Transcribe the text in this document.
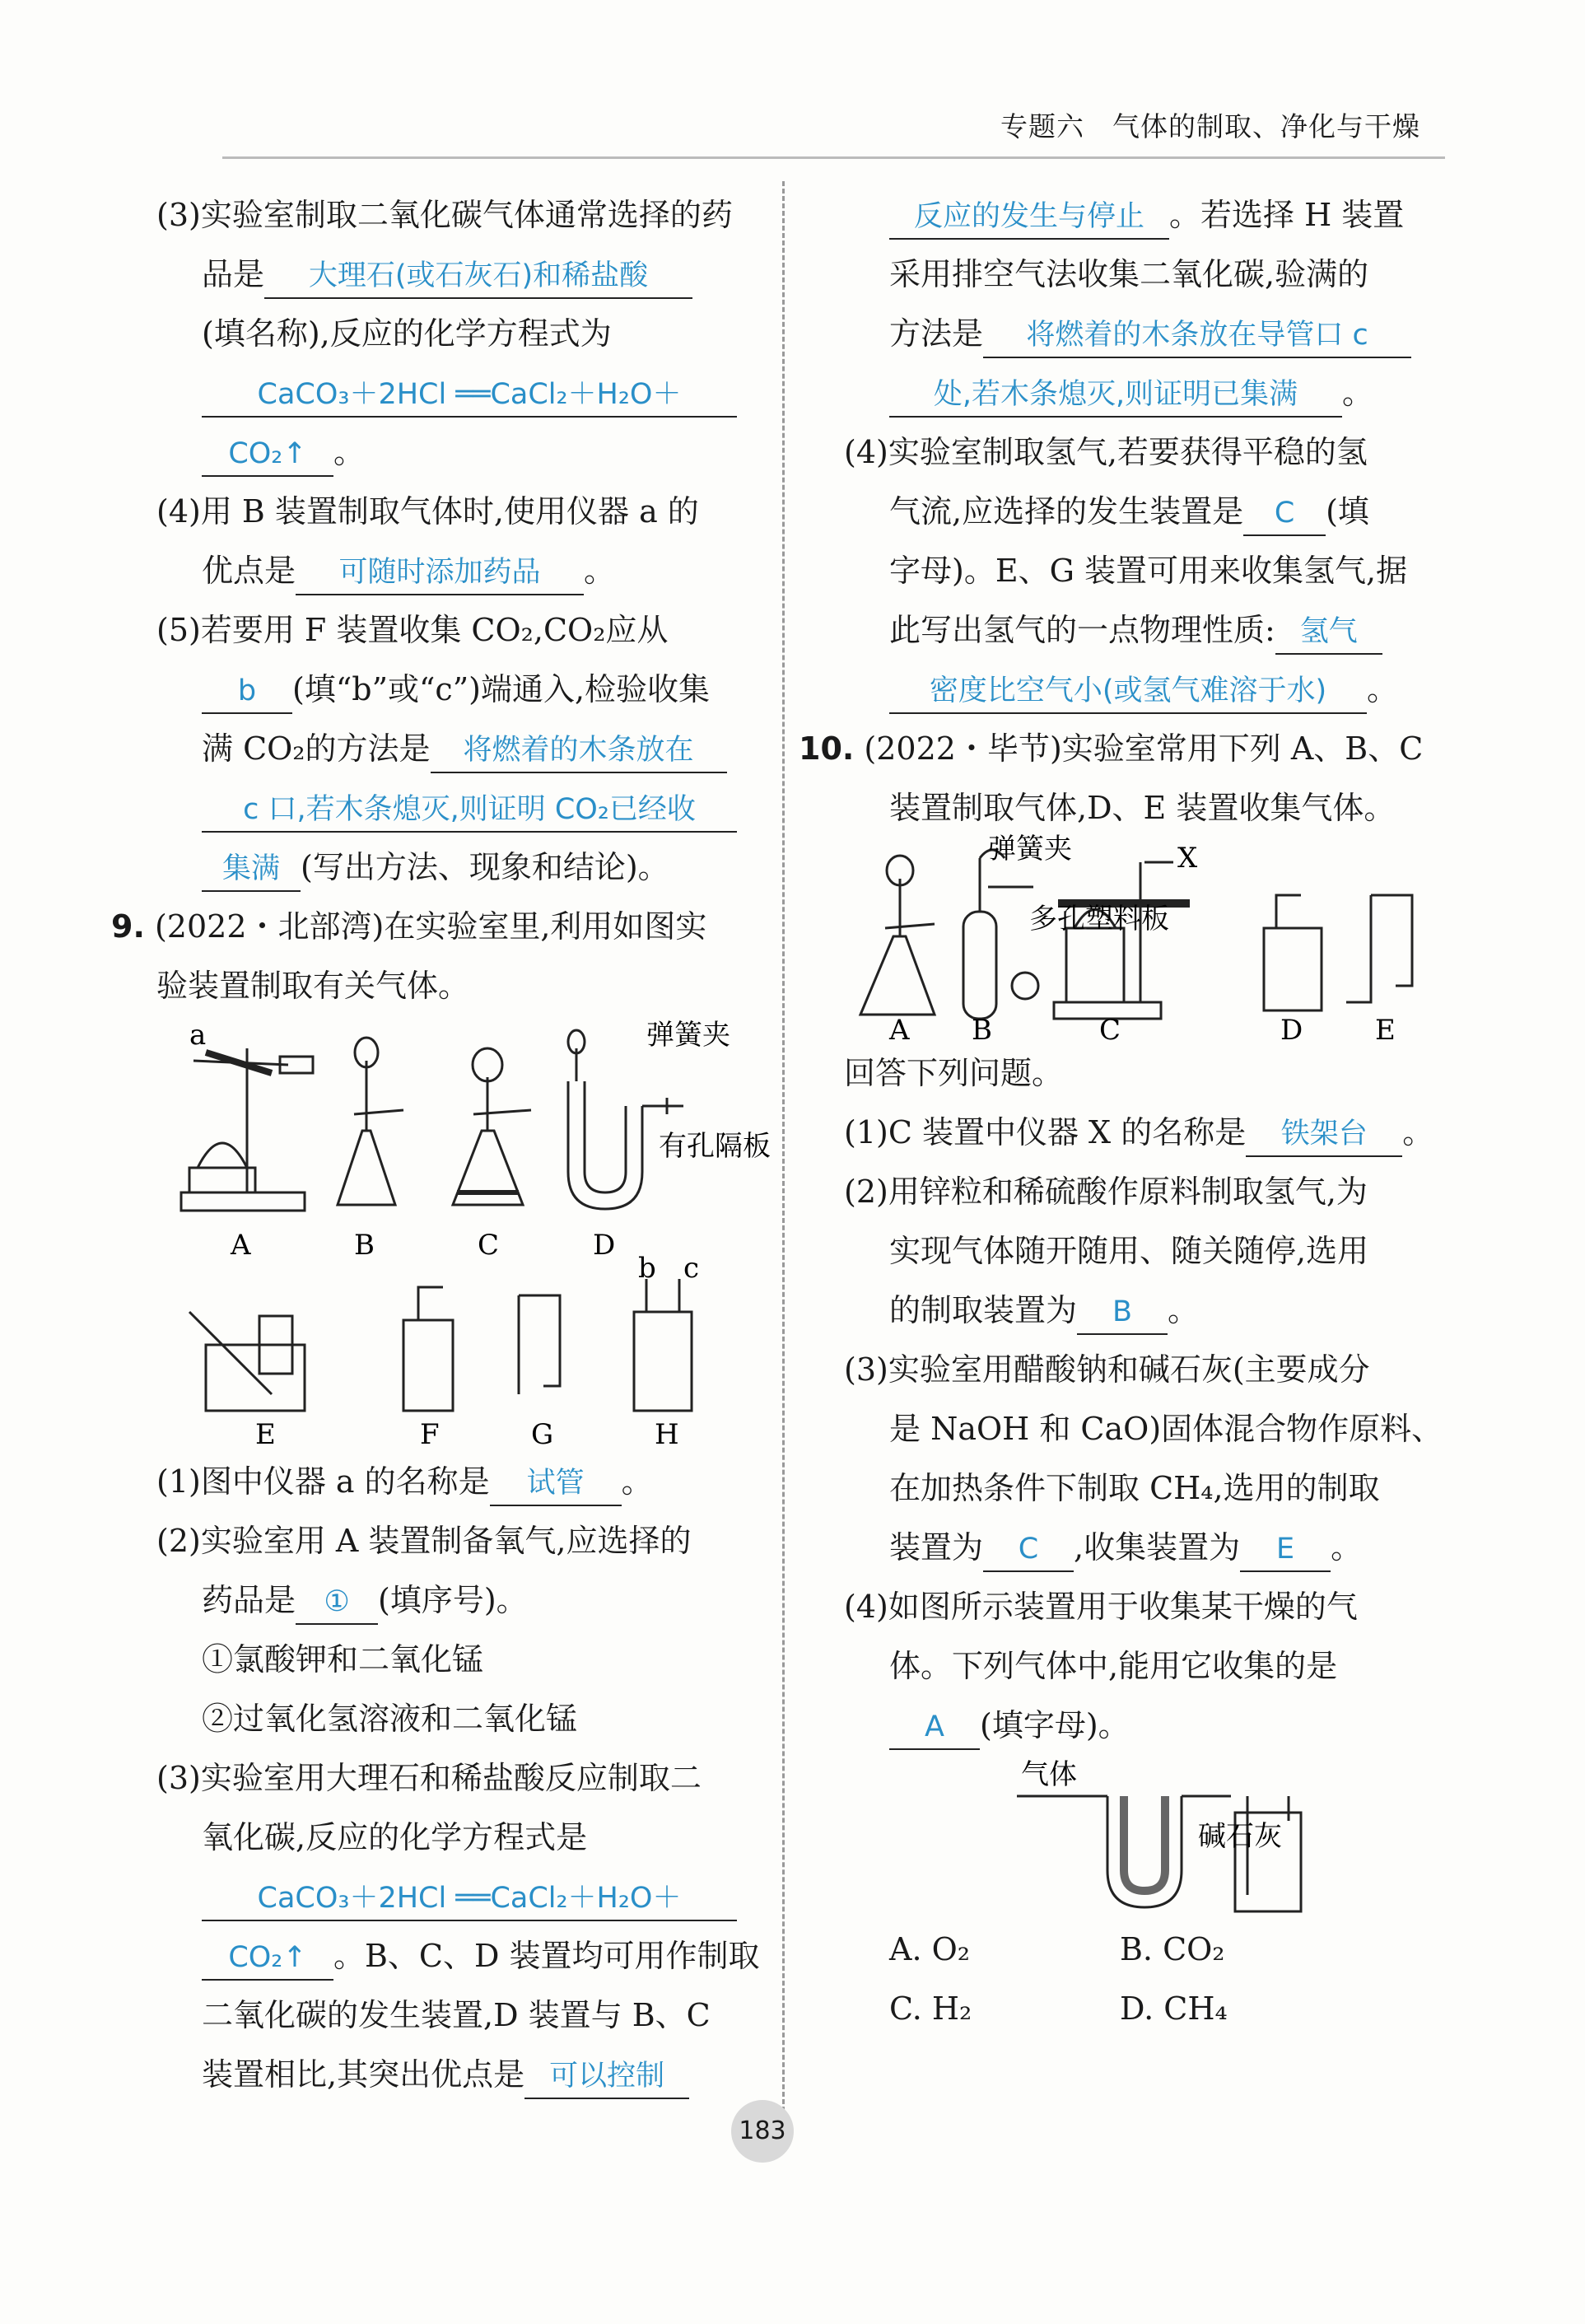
专题六　气体的制取、净化与干燥
(3)实验室制取二氧化碳气体通常选择的药
品是 大理石(或石灰石)和稀盐酸
(填名称),反应的化学方程式为
CaCO₃＋2HCl ══CaCl₂＋H₂O＋
CO₂↑ 。
(4)用 B 装置制取气体时,使用仪器 a 的
优点是 可随时添加药品 。
(5)若要用 F 装置收集 CO₂,CO₂应从
b (填“b”或“c”)端通入,检验收集
满 CO₂的方法是 将燃着的木条放在
c 口,若木条熄灭,则证明 CO₂已经收
集满 (写出方法、现象和结论)。
9. (2022・北部湾)在实验室里,利用如图实
验装置制取有关气体。
a	弹簧夹
有孔隔板
A	B	C	D
b c
E	F	G	H
(1)图中仪器 a 的名称是 试管 。
(2)实验室用 A 装置制备氧气,应选择的
药品是 ① (填序号)。
①氯酸钾和二氧化锰
②过氧化氢溶液和二氧化锰
(3)实验室用大理石和稀盐酸反应制取二
氧化碳,反应的化学方程式是
CaCO₃＋2HCl ══CaCl₂＋H₂O＋
CO₂↑ 。B、C、D 装置均可用作制取
二氧化碳的发生装置,D 装置与 B、C
装置相比,其突出优点是 可以控制
反应的发生与停止 。若选择 H 装置
采用排空气法收集二氧化碳,验满的
方法是 将燃着的木条放在导管口 c
处,若木条熄灭,则证明已集满 。
(4)实验室制取氢气,若要获得平稳的氢
气流,应选择的发生装置是 C (填
字母)。E、G 装置可用来收集氢气,据
此写出氢气的一点物理性质: 氢气
密度比空气小(或氢气难溶于水) 。
10. (2022・毕节)实验室常用下列 A、B、C
装置制取气体,D、E 装置收集气体。
弹簧夹
多孔塑料板
X
A B	C	D	E
回答下列问题。
(1)C 装置中仪器 X 的名称是 铁架台 。
(2)用锌粒和稀硫酸作原料制取氢气,为
实现气体随开随用、随关随停,选用
的制取装置为 B 。
(3)实验室用醋酸钠和碱石灰(主要成分
是 NaOH 和 CaO)固体混合物作原料、
在加热条件下制取 CH₄,选用的制取
装置为 C ,收集装置为 E 。
(4)如图所示装置用于收集某干燥的气
体。下列气体中,能用它收集的是
A (填字母)。
气体
碱石灰
A. O₂	B. CO₂
C. H₂	D. CH₄
183
